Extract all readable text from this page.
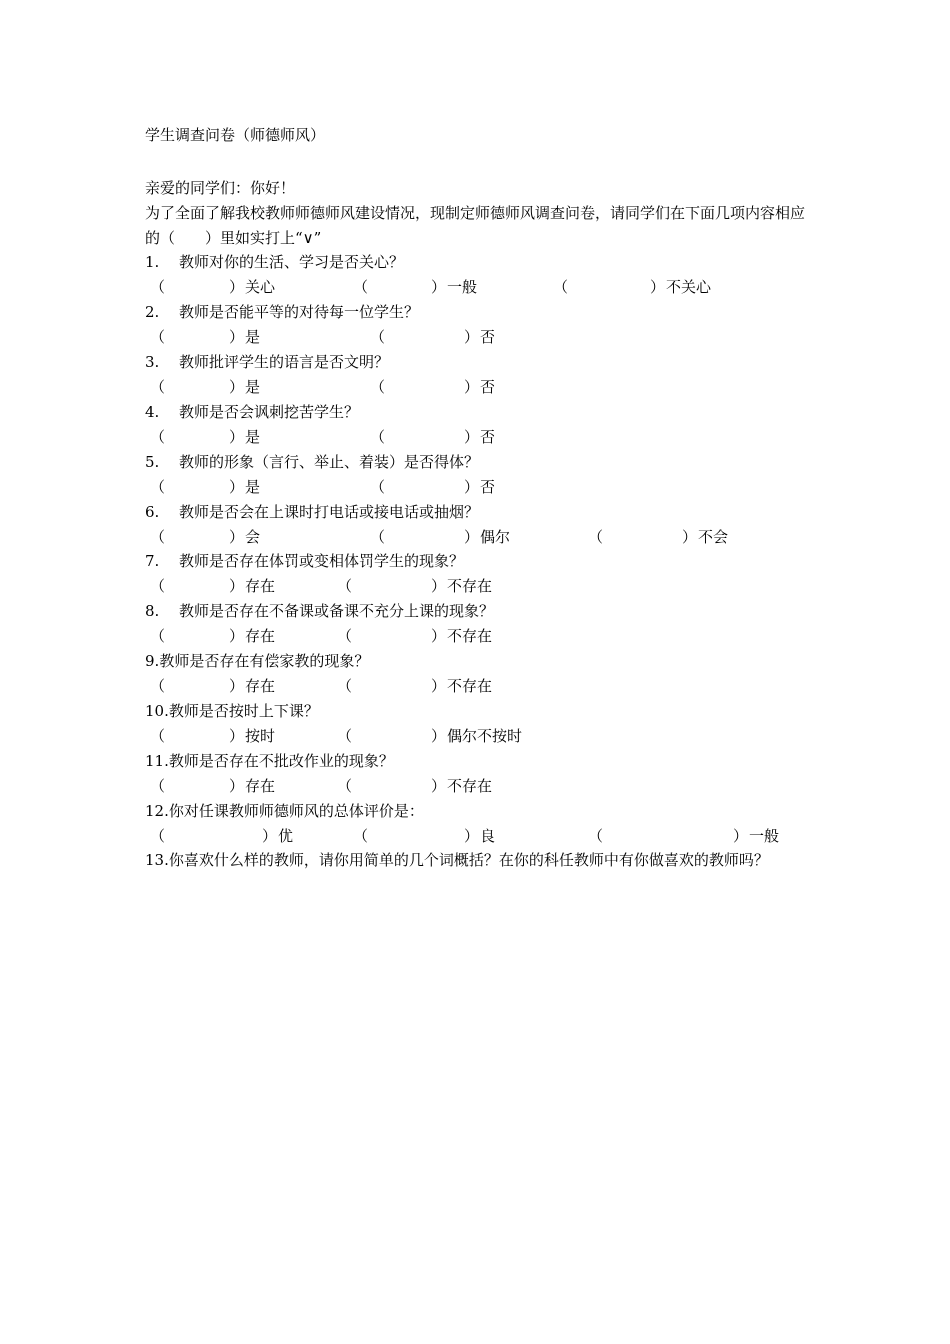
学生调查问卷（师德师风）
亲爱的同学们：你好！
为了全面了解我校教师师德师风建设情况，现制定师德师风调查问卷，请同学们在下面几项内容相应的（　　）里如实打上“∨”
1. 教师对你的生活、学习是否关心？
（	） 关心	（	） 一般	（	） 不关心
2. 教师是否能平等的对待每一位学生？
（	） 是	（	） 否
3. 教师批评学生的语言是否文明？
（	） 是	（	） 否
4. 教师是否会讽刺挖苦学生？
（	） 是	（	） 否
5. 教师的形象（言行、举止、着装）是否得体？
（	） 是	（	） 否
6. 教师是否会在上课时打电话或接电话或抽烟？
（	） 会	（	） 偶尔	（	） 不会
7. 教师是否存在体罚或变相体罚学生的现象？
（	） 存在	（	） 不存在
8. 教师是否存在不备课或备课不充分上课的现象？
（	） 存在	（	） 不存在
9.教师是否存在有偿家教的现象？
（	） 存在	（	） 不存在
10.教师是否按时上下课？
（	） 按时	（	） 偶尔不按时
11.教师是否存在不批改作业的现象？
（	） 存在	（	） 不存在
12.你对任课教师师德师风的总体评价是：
（	） 优	（	） 良	（	） 一般
13.你喜欢什么样的教师，请你用简单的几个词概括？在你的科任教师中有你做喜欢的教师吗？
